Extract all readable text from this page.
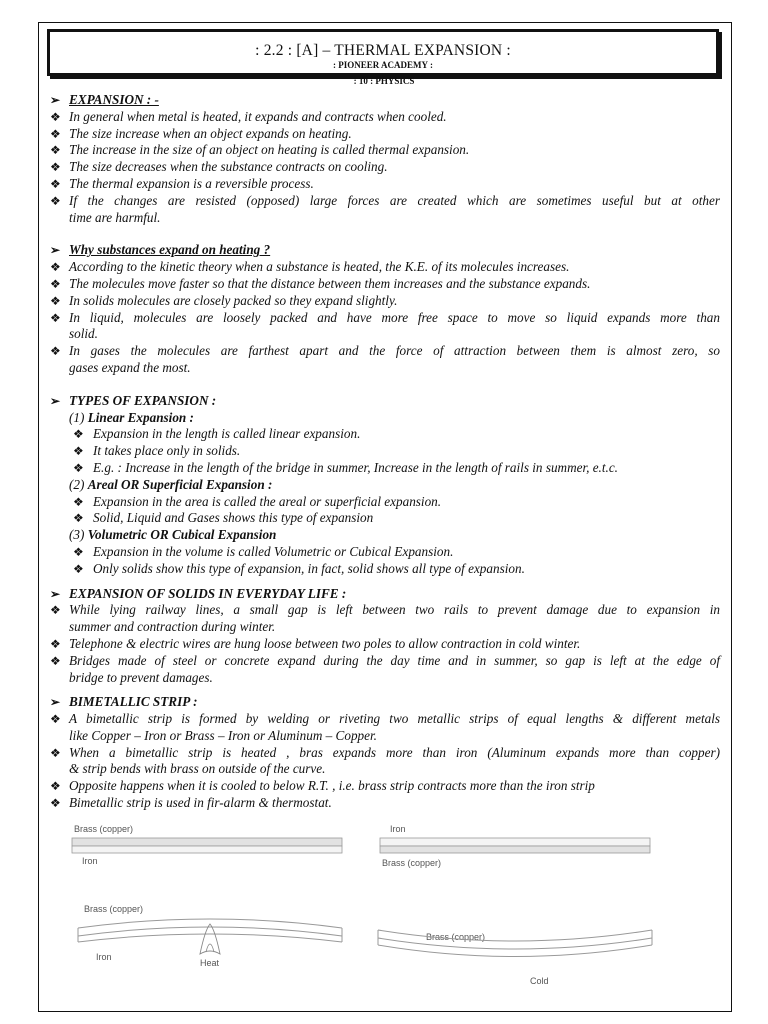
: 2.2 : [A] – THERMAL EXPANSION :
: PIONEER ACADEMY :
: 10 : PHYSICS
➢ EXPANSION : -
❖ In general when metal is heated, it expands and contracts when cooled.
❖ The size increase when an object expands on heating.
❖ The increase in the size of an object on heating is called thermal expansion.
❖ The size decreases when the substance contracts on cooling.
❖ The thermal expansion is a reversible process.
❖ If the changes are resisted (opposed) large forces are created which are sometimes useful but at other
time are harmful.
➢ Why substances expand on heating ?
❖ According to the kinetic theory when a substance is heated, the K.E. of its molecules increases.
❖ The molecules move faster so that the distance between them increases and the substance expands.
❖ In solids molecules are closely packed so they expand slightly.
❖ In liquid, molecules are loosely packed and have more free space to move so liquid expands more than
solid.
❖ In gases the molecules are farthest apart and the force of attraction between them is almost zero, so
gases expand the most.
➢ TYPES OF EXPANSION :
(1) Linear Expansion :
❖ Expansion in the length is called linear expansion.
❖ It takes place only in solids.
❖ E.g. : Increase in the length of the bridge in summer, Increase in the length of rails in summer, e.t.c.
(2) Areal OR Superficial Expansion :
❖ Expansion in the area is called the areal or superficial expansion.
❖ Solid, Liquid and Gases shows this type of expansion
(3) Volumetric OR Cubical Expansion
❖ Expansion in the volume is called Volumetric or Cubical Expansion.
❖ Only solids show this type of expansion, in fact, solid shows all type of expansion.
➢ EXPANSION OF SOLIDS IN EVERYDAY LIFE :
❖ While lying railway lines, a small gap is left between two rails to prevent damage due to expansion in
summer and contraction during winter.
❖ Telephone & electric wires are hung loose between two poles to allow contraction in cold winter.
❖ Bridges made of steel or concrete expand during the day time and in summer, so gap is left at the edge of
bridge to prevent damages.
➢ BIMETALLIC STRIP :
❖ A bimetallic strip is formed by welding or riveting two metallic strips of equal lengths & different metals
like Copper – Iron or Brass – Iron or Aluminum – Copper.
❖ When a bimetallic strip is heated , bras expands more than iron (Aluminum expands more than copper)
& strip bends with brass on outside of the curve.
❖ Opposite happens when it is cooled to below R.T. , i.e. brass strip contracts more than the iron strip
❖ Bimetallic strip is used in fir-alarm & thermostat.
Brass (copper)
Iron
Iron
Brass (copper)
Brass (copper)
Iron
Heat
Brass (copper)
Cold
